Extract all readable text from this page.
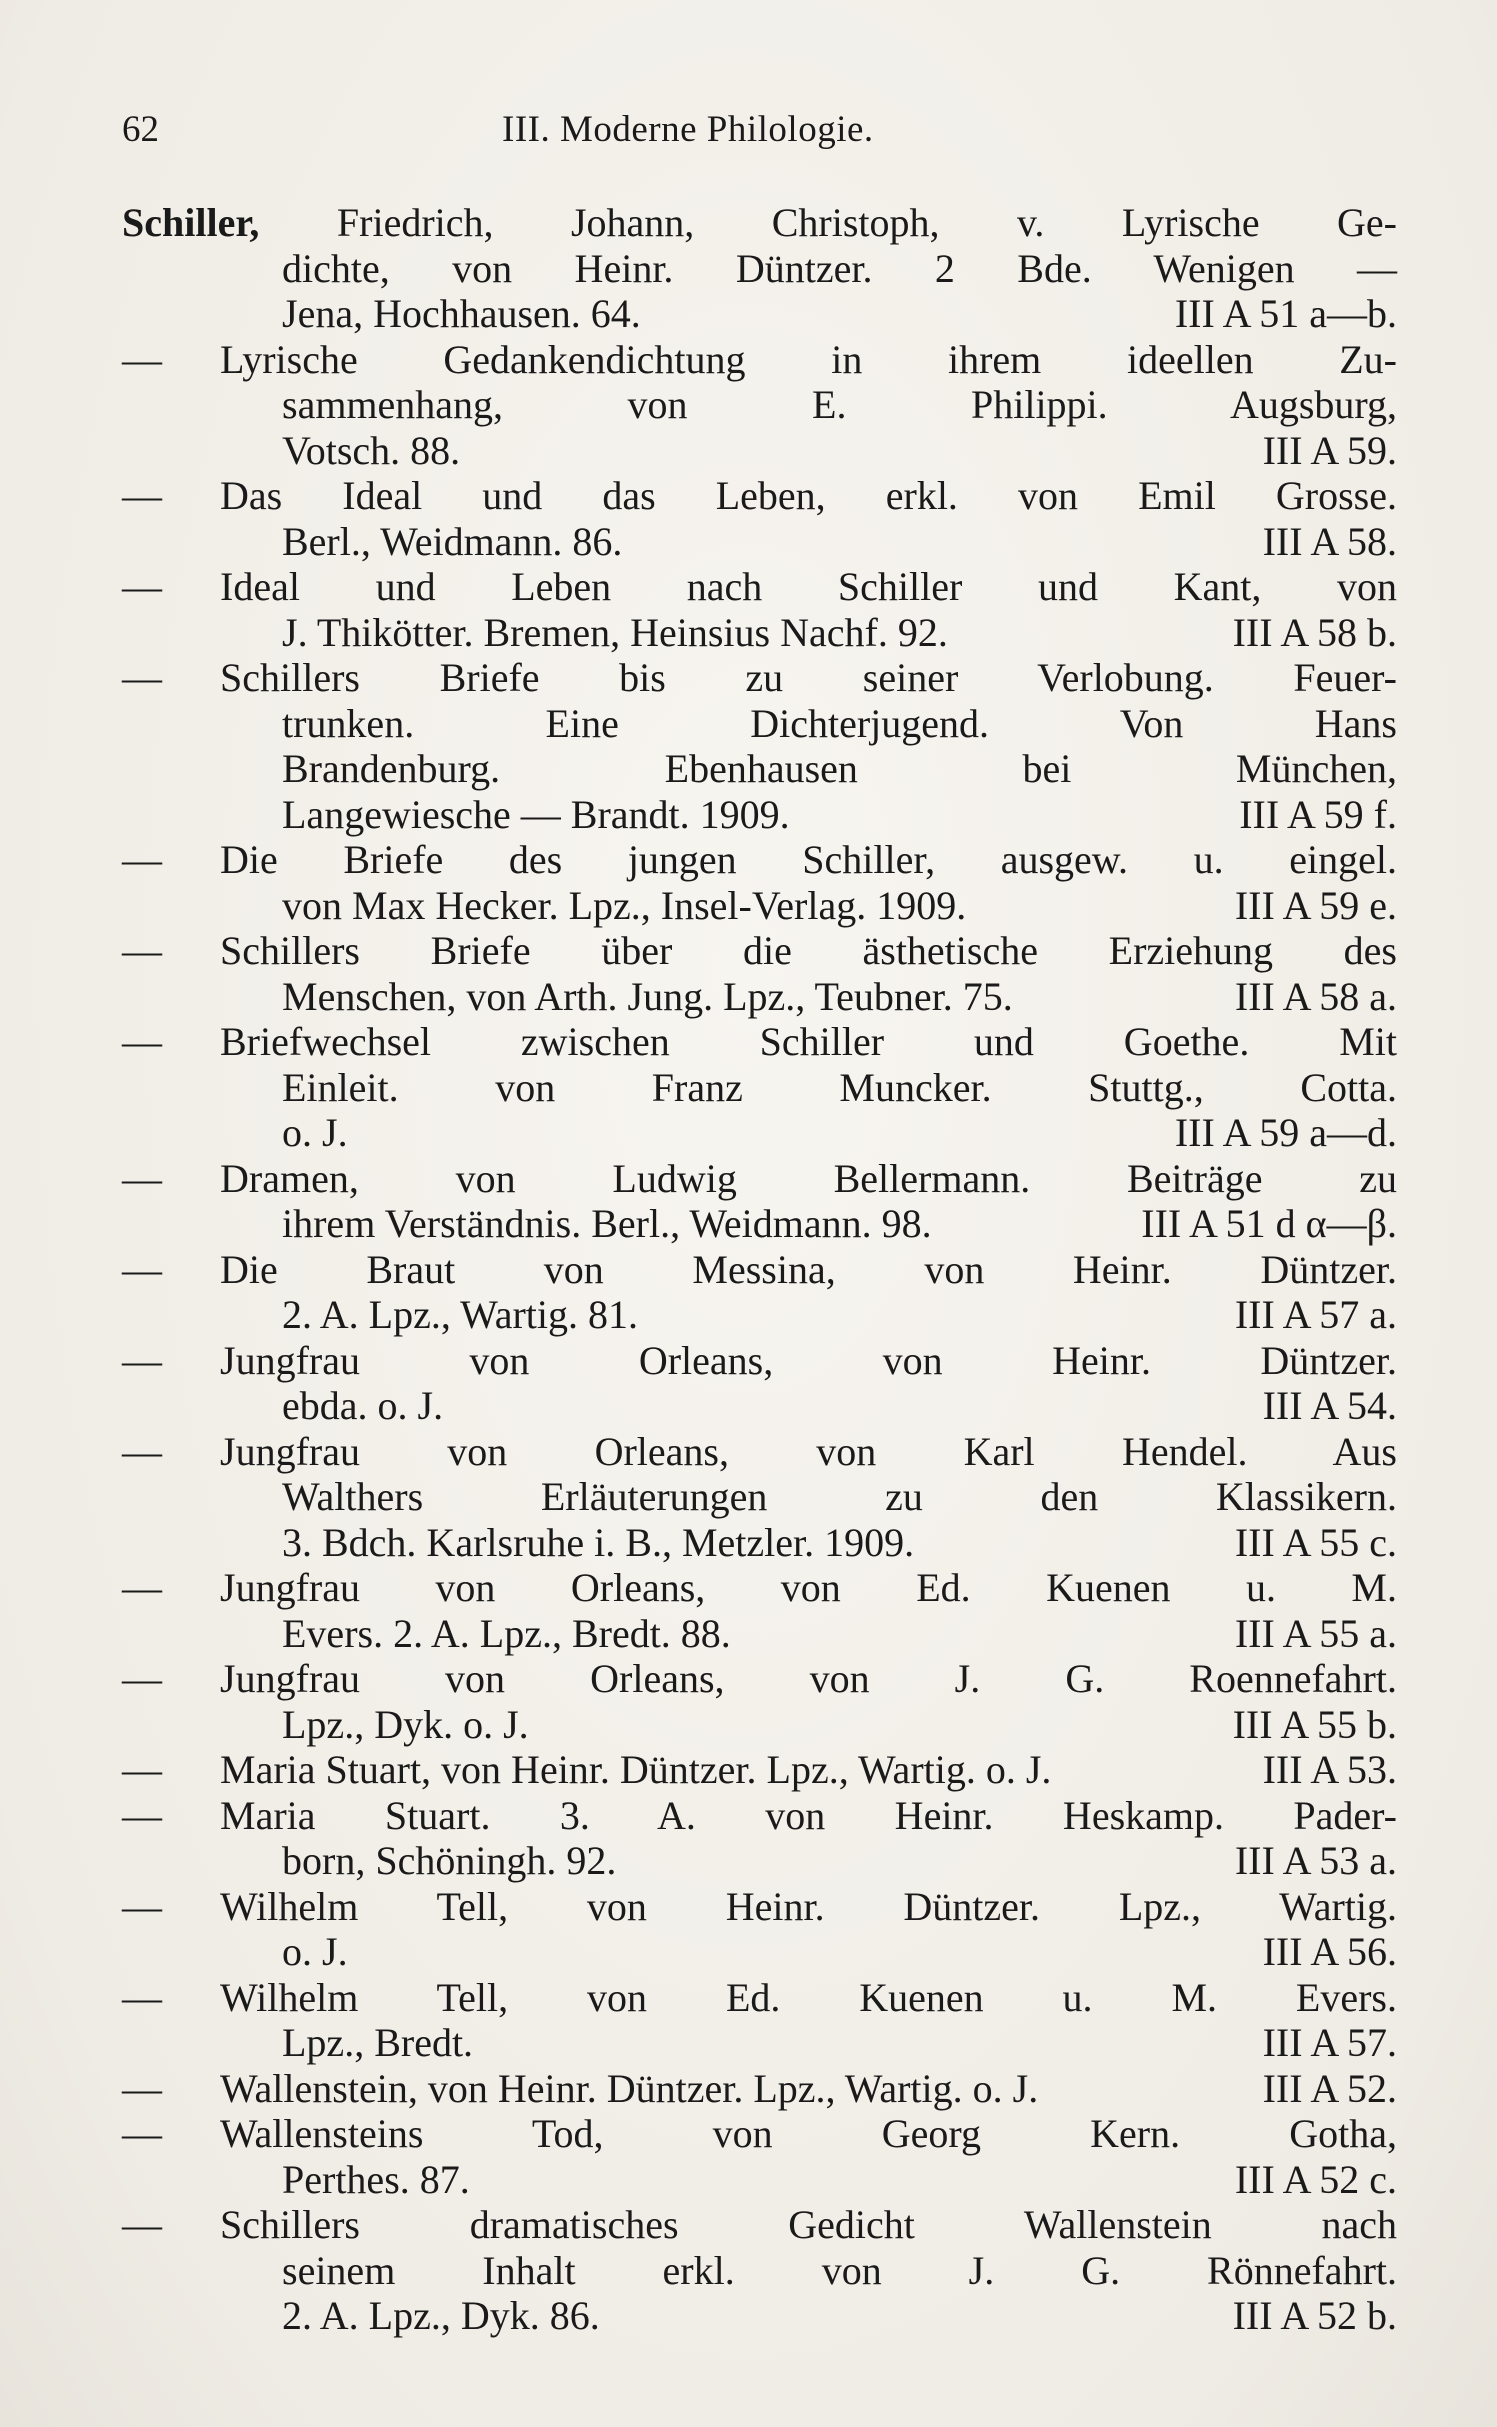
62	III. Moderne Philologie.
Schiller, Friedrich, Johann, Christoph, v. Lyrische Ge-
dichte, von Heinr. Düntzer. 2 Bde. Wenigen —
Jena, Hochhausen. 64.	III A 51 a—b.
— Lyrische Gedankendichtung in ihrem ideellen Zu-
sammenhang, von E. Philippi. Augsburg,
Votsch. 88.	III A 59.
— Das Ideal und das Leben, erkl. von Emil Grosse.
Berl., Weidmann. 86.	III A 58.
— Ideal und Leben nach Schiller und Kant, von
J. Thikötter. Bremen, Heinsius Nachf. 92.	III A 58 b.
— Schillers Briefe bis zu seiner Verlobung. Feuer-
trunken. Eine Dichterjugend. Von Hans
Brandenburg. Ebenhausen bei München,
Langewiesche — Brandt. 1909.	III A 59 f.
— Die Briefe des jungen Schiller, ausgew. u. eingel.
von Max Hecker. Lpz., Insel-Verlag. 1909.	III A 59 e.
— Schillers Briefe über die ästhetische Erziehung des
Menschen, von Arth. Jung. Lpz., Teubner. 75.	III A 58 a.
— Briefwechsel zwischen Schiller und Goethe. Mit
Einleit. von Franz Muncker. Stuttg., Cotta.
o. J.	III A 59 a—d.
— Dramen, von Ludwig Bellermann. Beiträge zu
ihrem Verständnis. Berl., Weidmann. 98.	III A 51 d α—β.
— Die Braut von Messina, von Heinr. Düntzer.
2. A. Lpz., Wartig. 81.	III A 57 a.
— Jungfrau von Orleans, von Heinr. Düntzer.
ebda. o. J.	III A 54.
— Jungfrau von Orleans, von Karl Hendel. Aus
Walthers Erläuterungen zu den Klassikern.
3. Bdch. Karlsruhe i. B., Metzler. 1909.	III A 55 c.
— Jungfrau von Orleans, von Ed. Kuenen u. M.
Evers. 2. A. Lpz., Bredt. 88.	III A 55 a.
— Jungfrau von Orleans, von J. G. Roennefahrt.
Lpz., Dyk. o. J.	III A 55 b.
— Maria Stuart, von Heinr. Düntzer. Lpz., Wartig. o. J.	III A 53.
— Maria Stuart. 3. A. von Heinr. Heskamp. Pader-
born, Schöningh. 92.	III A 53 a.
— Wilhelm Tell, von Heinr. Düntzer. Lpz., Wartig.
o. J.	III A 56.
— Wilhelm Tell, von Ed. Kuenen u. M. Evers.
Lpz., Bredt.	III A 57.
— Wallenstein, von Heinr. Düntzer. Lpz., Wartig. o. J.	III A 52.
— Wallensteins Tod, von Georg Kern. Gotha,
Perthes. 87.	III A 52 c.
— Schillers dramatisches Gedicht Wallenstein nach
seinem Inhalt erkl. von J. G. Rönnefahrt.
2. A. Lpz., Dyk. 86.	III A 52 b.
